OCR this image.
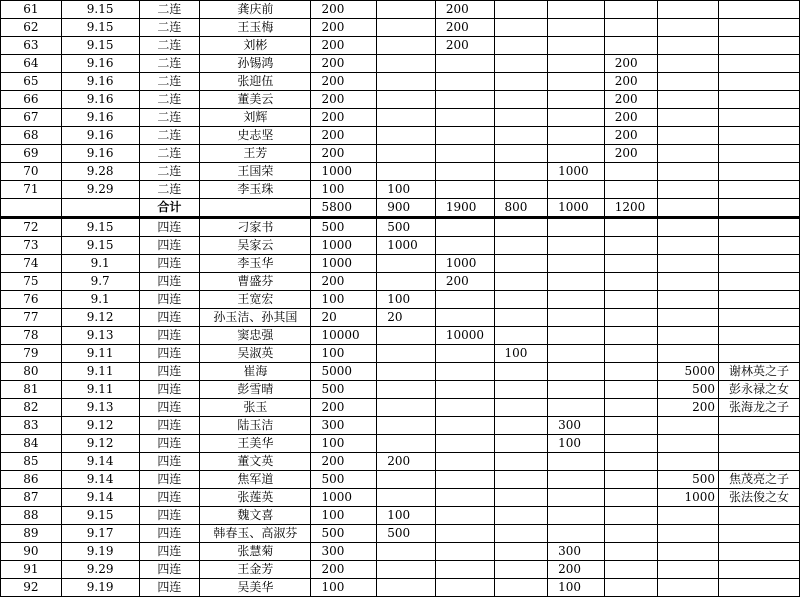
61	9.15	二连	龚庆前	200		200					
62	9.15	二连	王玉梅	200		200					
63	9.15	二连	刘彬	200		200					
64	9.16	二连	孙锡鸿	200					200		
65	9.16	二连	张迎伍	200					200		
66	9.16	二连	董美云	200					200		
67	9.16	二连	刘辉	200					200		
68	9.16	二连	史志坚	200					200		
69	9.16	二连	王芳	200					200		
70	9.28	二连	王国荣	1000				1000			
71	9.29	二连	李玉珠	100	100						
		合计		5800	900	1900	800	1000	1200		
72	9.15	四连	刁家书	500	500						
73	9.15	四连	吴家云	1000	1000						
74	9.1	四连	李玉华	1000		1000					
75	9.7	四连	曹盛芬	200		200					
76	9.1	四连	王宽宏	100	100						
77	9.12	四连	孙玉洁、孙其国	20	20						
78	9.13	四连	窦忠强	10000		10000					
79	9.11	四连	吴淑英	100			100				
80	9.11	四连	崔海	5000						5000	谢林英之子
81	9.11	四连	彭雪晴	500						500	彭永禄之女
82	9.13	四连	张玉	200						200	张海龙之子
83	9.12	四连	陆玉洁	300				300			
84	9.12	四连	王美华	100				100			
85	9.14	四连	董文英	200	200						
86	9.14	四连	焦军道	500						500	焦茂亮之子
87	9.14	四连	张莲英	1000						1000	张法俊之女
88	9.15	四连	魏文喜	100	100						
89	9.17	四连	韩春玉、高淑芬	500	500						
90	9.19	四连	张慧菊	300				300			
91	9.29	四连	王金芳	200				200			
92	9.19	四连	吴美华	100				100			
